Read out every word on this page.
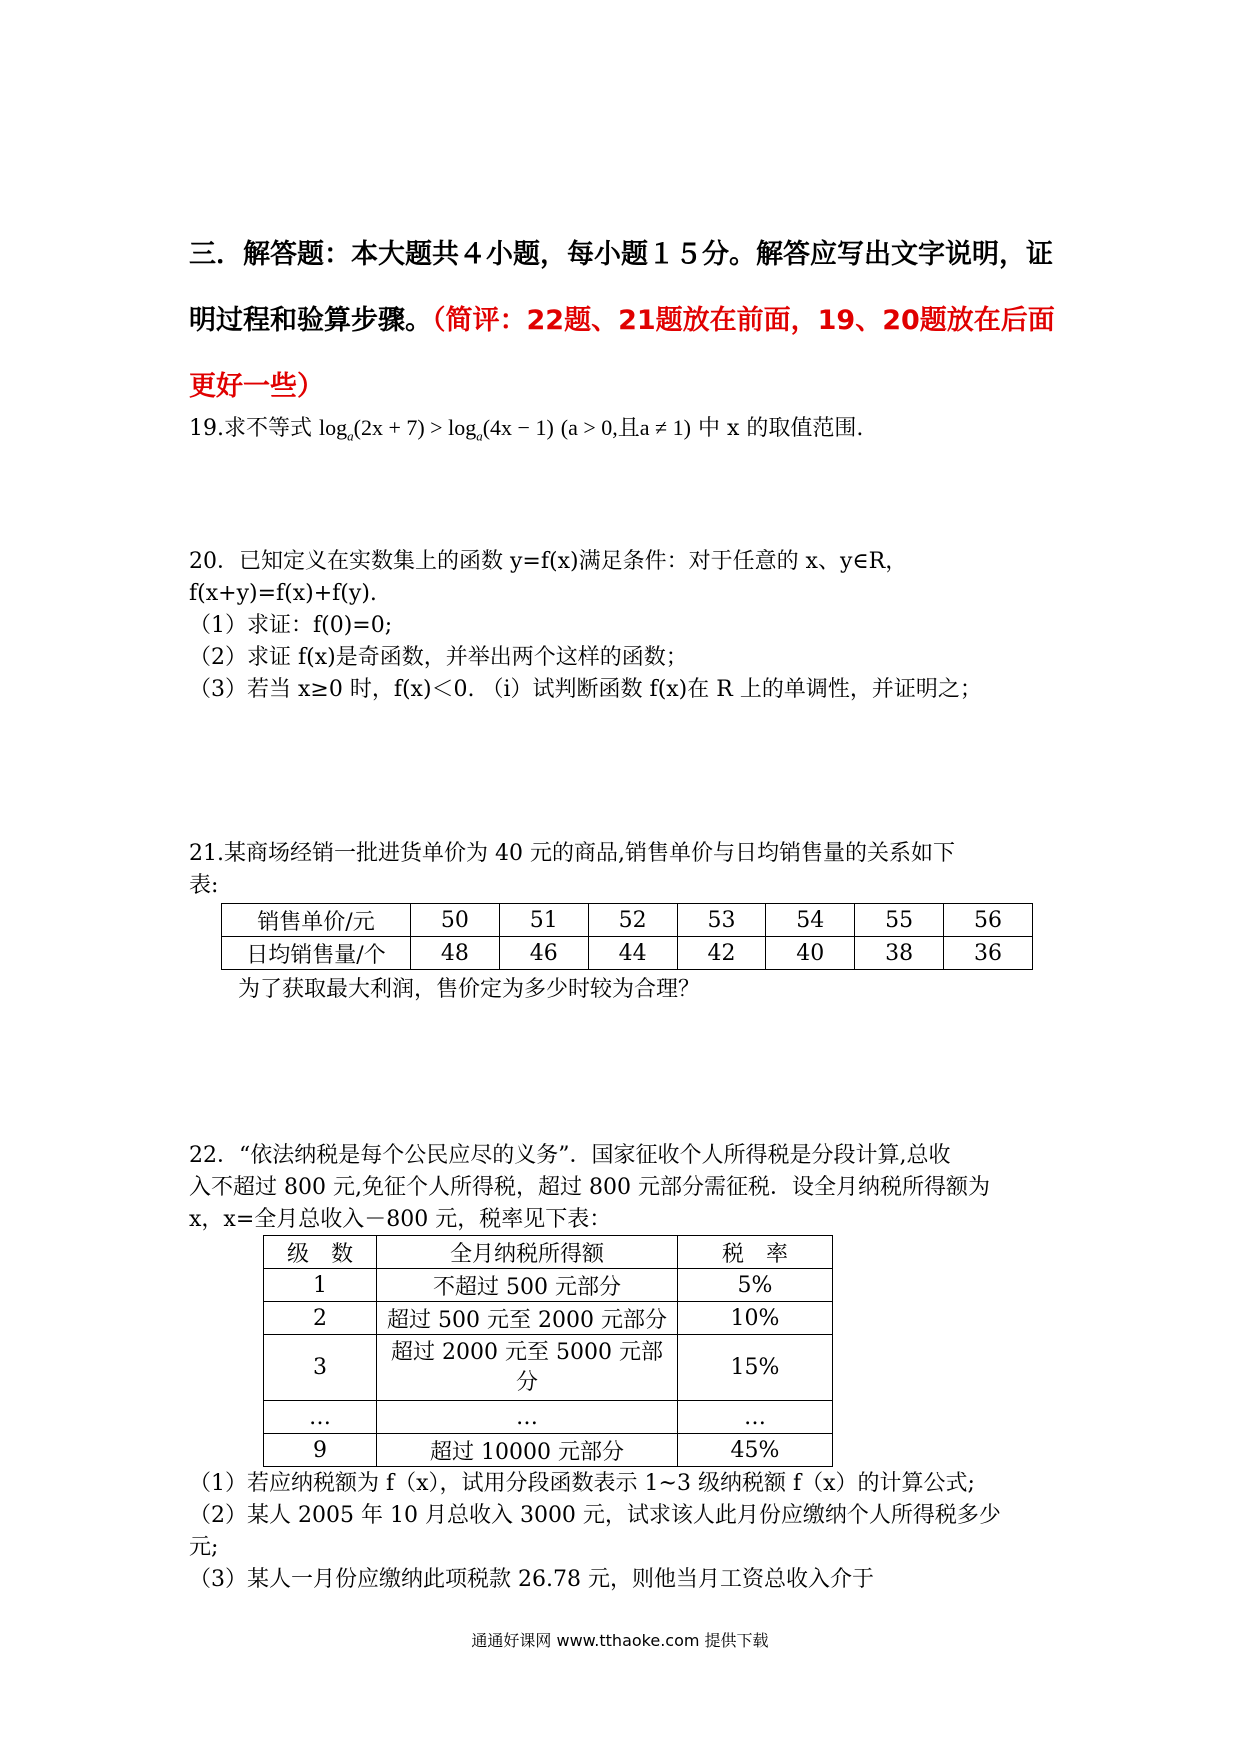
三．解答题：本大题共４小题，每小题１５分。解答应写出文字说明，证明过程和验算步骤。（简评：22题、21题放在前面，19、20题放在后面更好一些）
19.求不等式 $\log_a(2x + 7) > \log_a(4x - 1) (a > 0$,且a ≠ 1) 中 x 的取值范围.
20．已知定义在实数集上的函数 y=f(x)满足条件：对于任意的 x、y∈R，
f(x+y)=f(x)+f(y).
（1）求证：f(0)=0;
（2）求证 f(x)是奇函数，并举出两个这样的函数；
（3）若当 x≥0 时，f(x)＜0. （i）试判断函数 f(x)在 R 上的单调性，并证明之；
21.某商场经销一批进货单价为 40 元的商品,销售单价与日均销售量的关系如下
表:
销售单价/元	50	51	52	53	54	55	56
日均销售量/个	48	46	44	42	40	38	36
为了获取最大利润，售价定为多少时较为合理？
22．“依法纳税是每个公民应尽的义务”．国家征收个人所得税是分段计算,总收
入不超过 800 元,免征个人所得税，超过 800 元部分需征税．设全月纳税所得额为
x，x=全月总收入－800 元，税率见下表：
级　数	全月纳税所得额	税　率
1	不超过 500 元部分	5%
2	超过 500 元至 2000 元部分	10%
3	超过 2000 元至 5000 元部分	15%
…	…	…
9	超过 10000 元部分	45%
（1）若应纳税额为 f（x），试用分段函数表示 1~3 级纳税额 f（x）的计算公式;
（2）某人 2005 年 10 月总收入 3000 元，试求该人此月份应缴纳个人所得税多少
元;
（3）某人一月份应缴纳此项税款 26.78 元，则他当月工资总收入介于
通通好课网 www.tthaoke.com 提供下载
